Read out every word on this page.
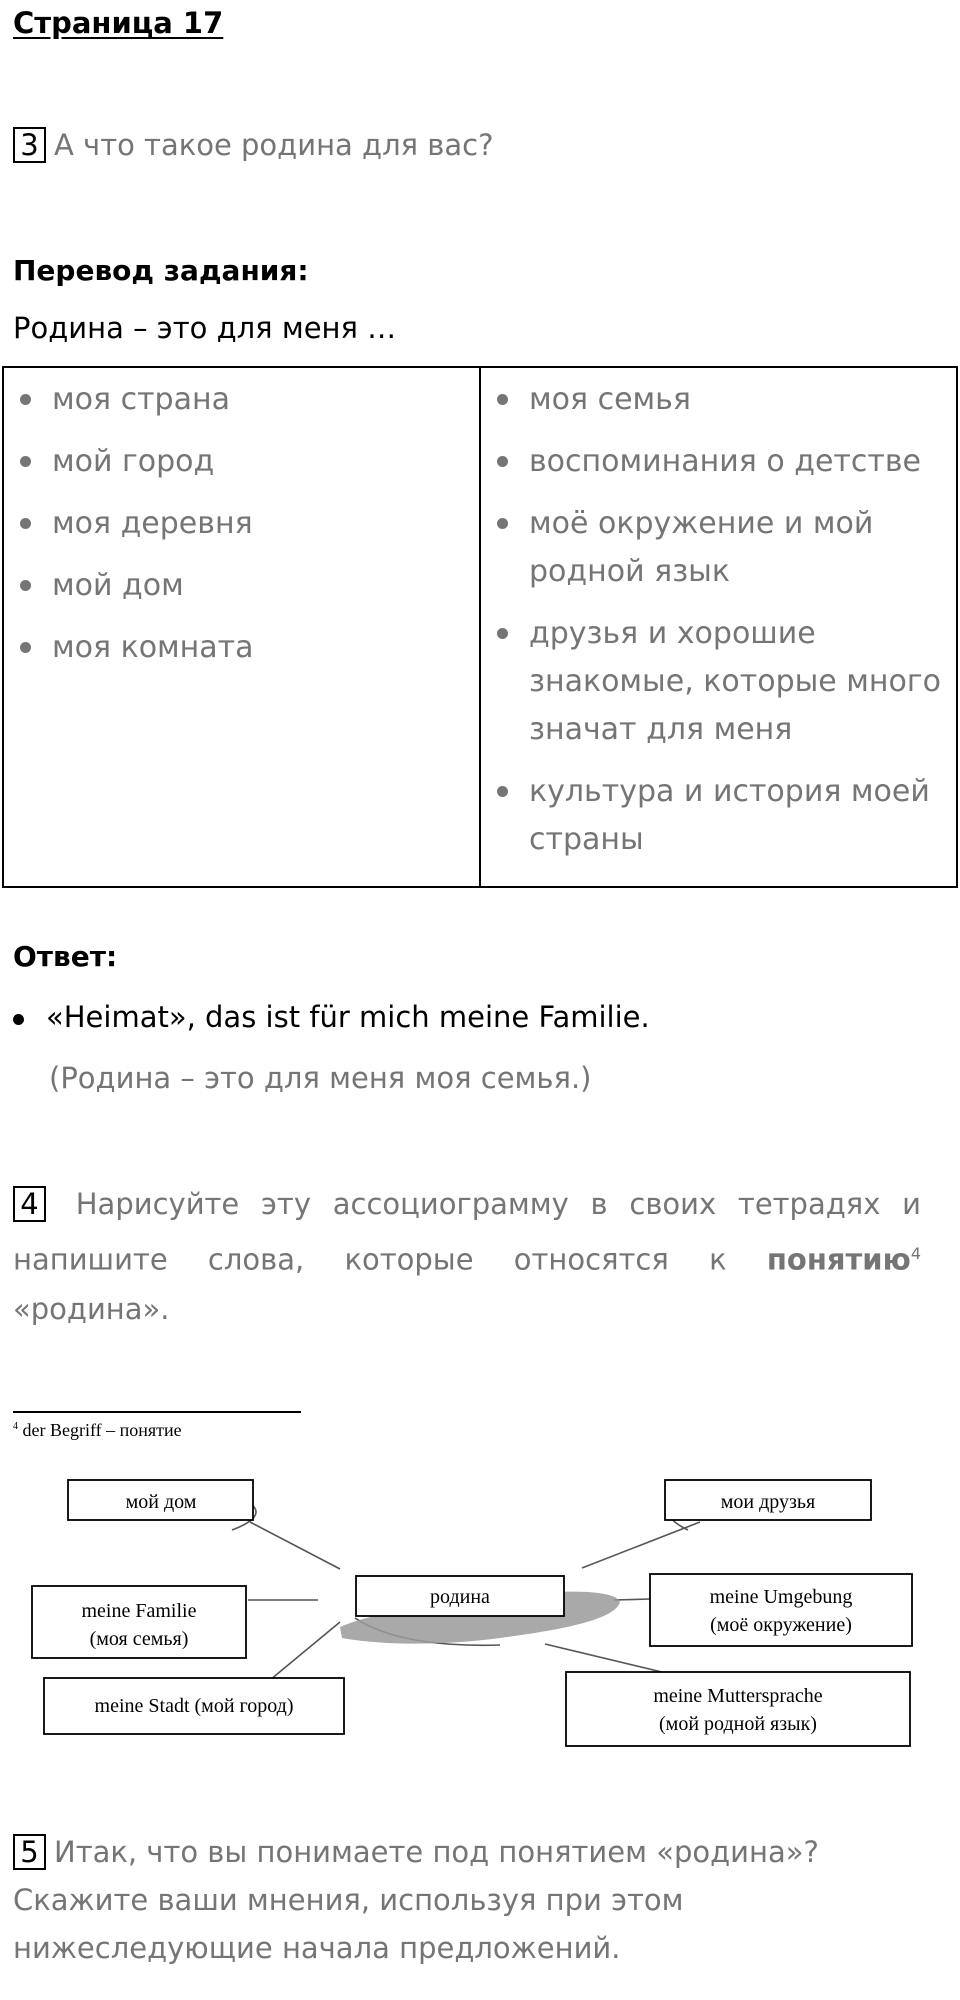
Страница 17
3 А что такое родина для вас?
Перевод задания:
Родина – это для меня …
моя страна
мой город
моя деревня
мой дом
моя комната

моя семья
воспоминания о детстве
моё окружение и мой родной язык
друзья и хорошие знакомые, которые много значат для меня
культура и история моей страны
Ответ:
«Heimat», das ist für mich meine Familie.
(Родина – это для меня моя семья.)
4 Нарисуйте эту ассоциограмму в своих тетрадях и напишите слова, которые относятся к понятию$^4$ «родина».
$^4$ der Begriff – понятие
мой дом	мои друзья
родина
meine Familie
(моя семья)
meine Umgebung
(моё окружение)
meine Stadt (мой город)	meine Muttersprache
(мой родной язык)
5 Итак, что вы понимаете под понятием «родина»?
Скажите ваши мнения, используя при этом нижеследующие начала предложений.
